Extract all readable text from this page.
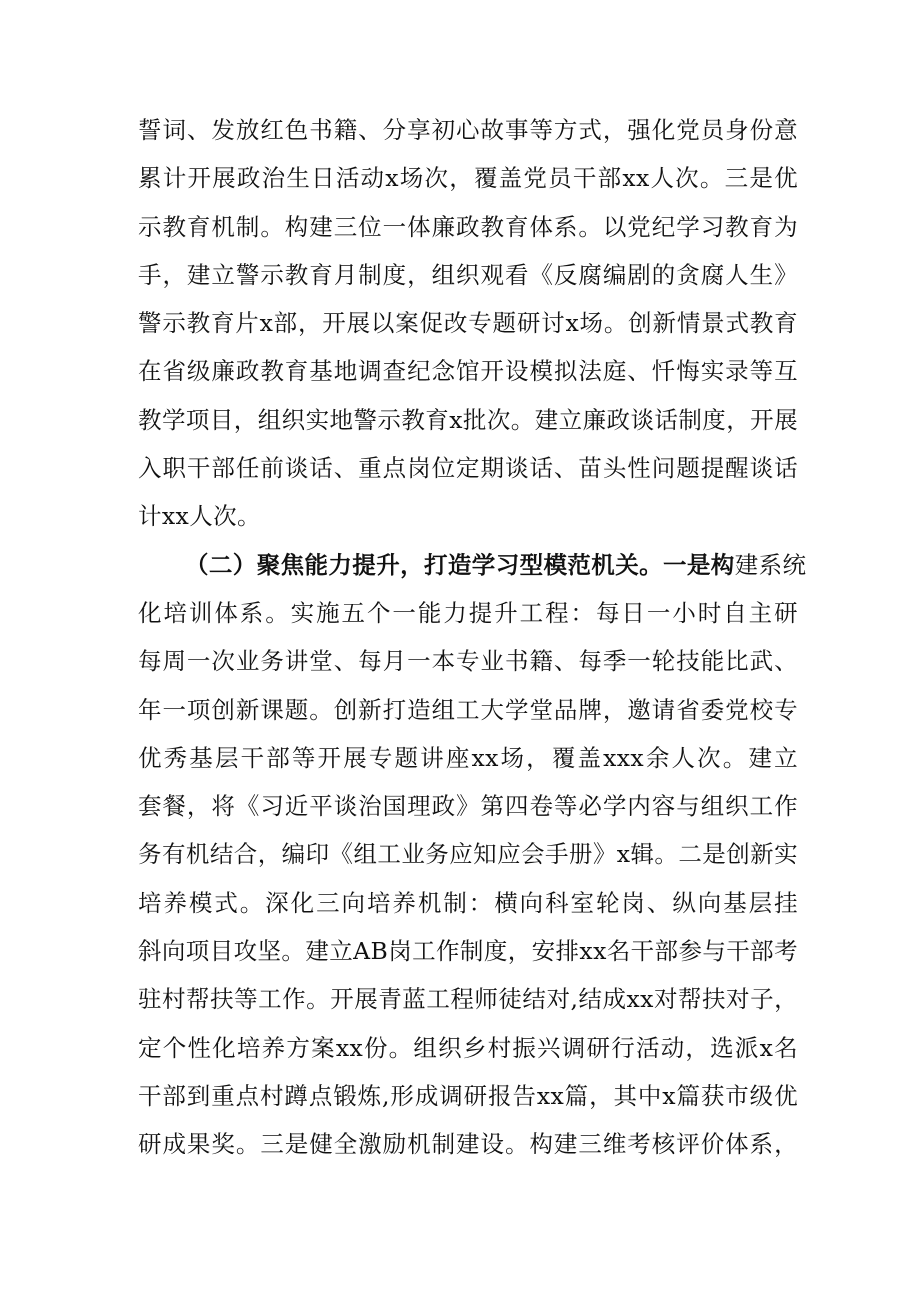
誓词、发放红色书籍、分享初心故事等方式，强化党员身份意
累计开展政治生日活动x场次，覆盖党员干部xx人次。三是优
示教育机制。构建三位一体廉政教育体系。以党纪学习教育为
手，建立警示教育月制度，组织观看《反腐编剧的贪腐人生》
警示教育片x部，开展以案促改专题研讨x场。创新情景式教育
在省级廉政教育基地调查纪念馆开设模拟法庭、忏悔实录等互
教学项目，组织实地警示教育x批次。建立廉政谈话制度，开展
入职干部任前谈话、重点岗位定期谈话、苗头性问题提醒谈话
计xx人次。
（二）聚焦能力提升，打造学习型模范机关。一是构建系统
化培训体系。实施五个一能力提升工程：每日一小时自主研
每周一次业务讲堂、每月一本专业书籍、每季一轮技能比武、
年一项创新课题。创新打造组工大学堂品牌，邀请省委党校专
优秀基层干部等开展专题讲座xx场，覆盖xxx余人次。建立
套餐，将《习近平谈治国理政》第四卷等必学内容与组织工作
务有机结合，编印《组工业务应知应会手册》x辑。二是创新实
培养模式。深化三向培养机制：横向科室轮岗、纵向基层挂
斜向项目攻坚。建立AB岗工作制度，安排xx名干部参与干部考
驻村帮扶等工作。开展青蓝工程师徒结对,结成xx对帮扶对子，
定个性化培养方案xx份。组织乡村振兴调研行活动，选派x名
干部到重点村蹲点锻炼,形成调研报告xx篇，其中x篇获市级优
研成果奖。三是健全激励机制建设。构建三维考核评价体系，
